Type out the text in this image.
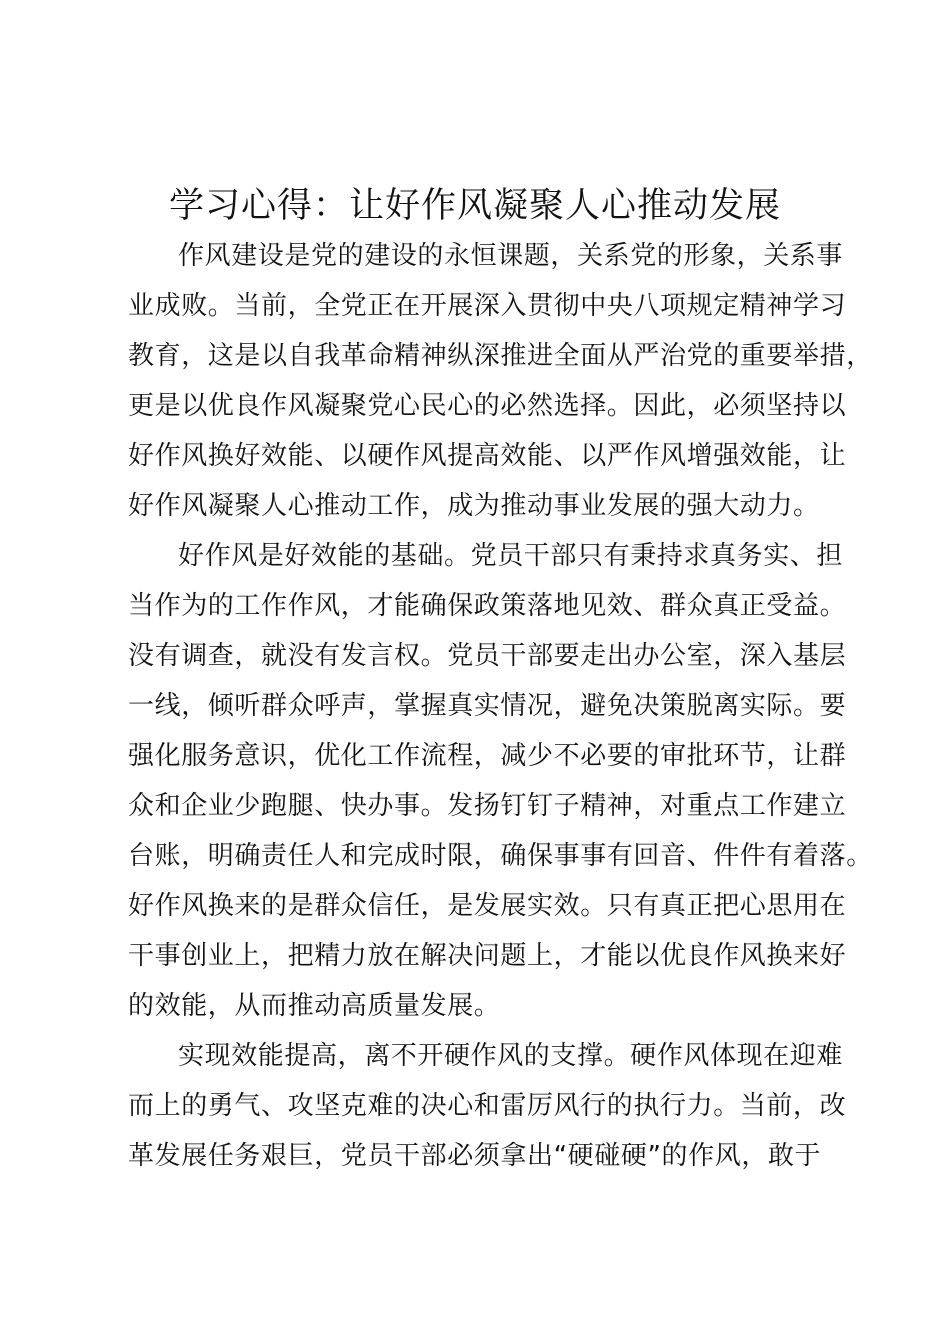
学习心得：让好作风凝聚人心推动发展
作风建设是党的建设的永恒课题，关系党的形象，关系事
业成败。当前，全党正在开展深入贯彻中央八项规定精神学习
教育，这是以自我革命精神纵深推进全面从严治党的重要举措，
更是以优良作风凝聚党心民心的必然选择。因此，必须坚持以
好作风换好效能、以硬作风提高效能、以严作风增强效能，让
好作风凝聚人心推动工作，成为推动事业发展的强大动力。
好作风是好效能的基础。党员干部只有秉持求真务实、担
当作为的工作作风，才能确保政策落地见效、群众真正受益。
没有调查，就没有发言权。党员干部要走出办公室，深入基层
一线，倾听群众呼声，掌握真实情况，避免决策脱离实际。要
强化服务意识，优化工作流程，减少不必要的审批环节，让群
众和企业少跑腿、快办事。发扬钉钉子精神，对重点工作建立
台账，明确责任人和完成时限，确保事事有回音、件件有着落。
好作风换来的是群众信任，是发展实效。只有真正把心思用在
干事创业上，把精力放在解决问题上，才能以优良作风换来好
的效能，从而推动高质量发展。
实现效能提高，离不开硬作风的支撑。硬作风体现在迎难
而上的勇气、攻坚克难的决心和雷厉风行的执行力。当前，改
革发展任务艰巨，党员干部必须拿出“硬碰硬”的作风，敢于
